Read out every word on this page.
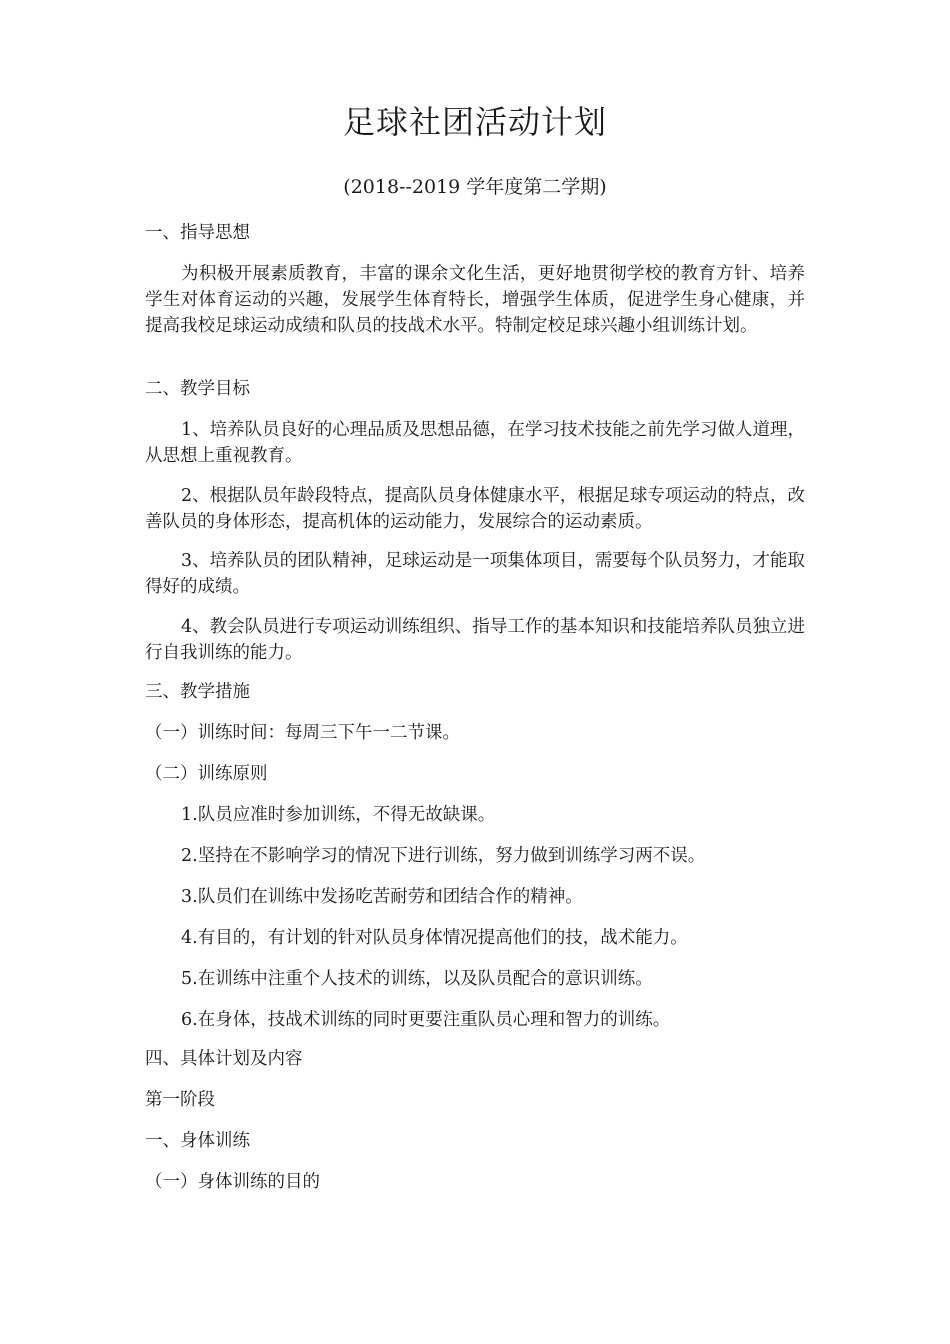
足球社团活动计划
(2018--2019 学年度第二学期)
一、指导思想
为积极开展素质教育，丰富的课余文化生活，更好地贯彻学校的教育方针、培养学生对体育运动的兴趣，发展学生体育特长，增强学生体质，促进学生身心健康，并提高我校足球运动成绩和队员的技战术水平。特制定校足球兴趣小组训练计划。
二、教学目标
1、培养队员良好的心理品质及思想品德，在学习技术技能之前先学习做人道理，从思想上重视教育。
2、根据队员年龄段特点，提高队员身体健康水平，根据足球专项运动的特点，改善队员的身体形态，提高机体的运动能力，发展综合的运动素质。
3、培养队员的团队精神，足球运动是一项集体项目，需要每个队员努力，才能取得好的成绩。
4、教会队员进行专项运动训练组织、指导工作的基本知识和技能培养队员独立进行自我训练的能力。
三、教学措施
（一）训练时间：每周三下午一二节课。
（二）训练原则
1.队员应准时参加训练，不得无故缺课。
2.坚持在不影响学习的情况下进行训练，努力做到训练学习两不误。
3.队员们在训练中发扬吃苦耐劳和团结合作的精神。
4.有目的，有计划的针对队员身体情况提高他们的技，战术能力。
5.在训练中注重个人技术的训练，以及队员配合的意识训练。
6.在身体，技战术训练的同时更要注重队员心理和智力的训练。
四、具体计划及内容
第一阶段
一、身体训练
（一）身体训练的目的
